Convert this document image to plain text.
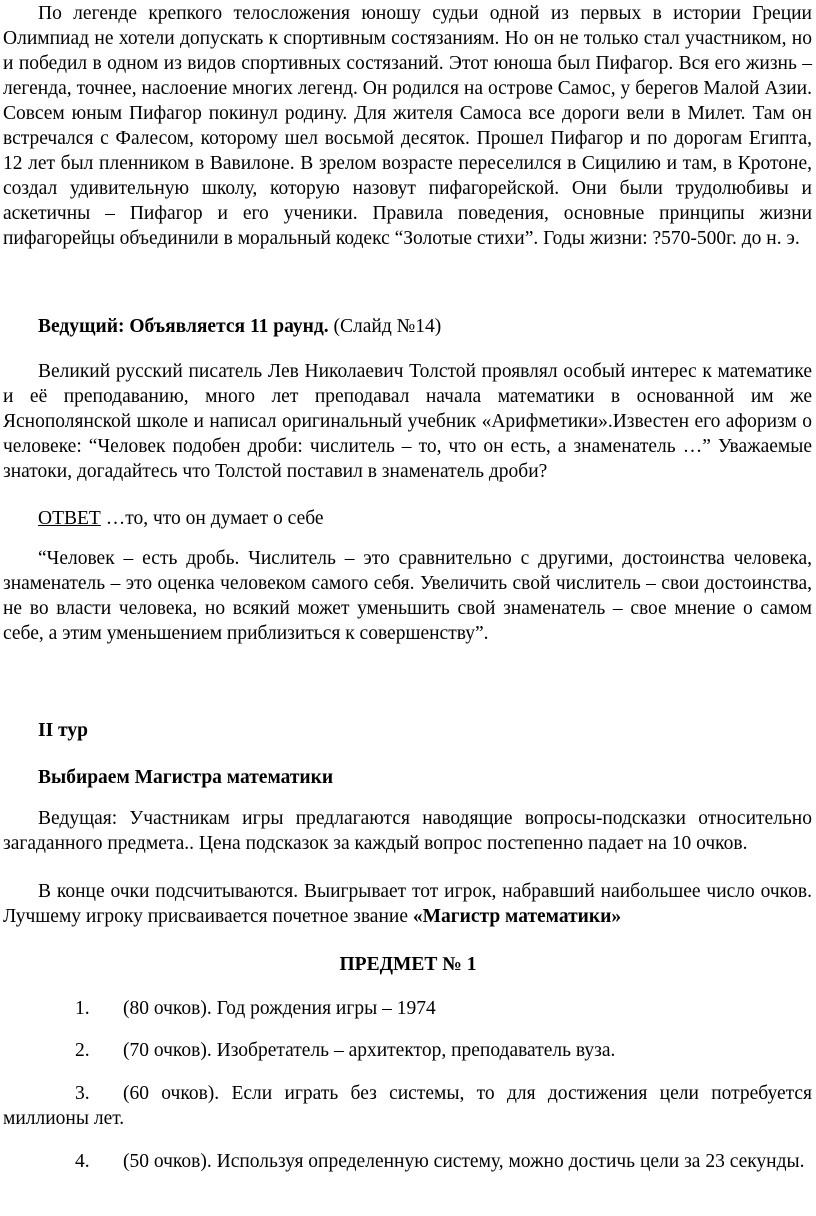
По легенде крепкого телосложения юношу судьи одной из первых в истории Греции Олимпиад не хотели допускать к спортивным состязаниям. Но он не только стал участником, но и победил в одном из видов спортивных состязаний. Этот юноша был Пифагор. Вся его жизнь – легенда, точнее, наслоение многих легенд. Он родился на острове Самос, у берегов Малой Азии. Совсем юным Пифагор покинул родину. Для жителя Самоса все дороги вели в Милет. Там он встречался с Фалесом, которому шел восьмой десяток. Прошел Пифагор и по дорогам Египта, 12 лет был пленником в Вавилоне. В зрелом возрасте переселился в Сицилию и там, в Кротоне, создал удивительную школу, которую назовут пифагорейской. Они были трудолюбивы и аскетичны – Пифагор и его ученики. Правила поведения, основные принципы жизни пифагорейцы объединили в моральный кодекс “Золотые стихи”. Годы жизни: ?570-500г. до н. э.

Ведущий: Объявляется 11 раунд. (Слайд №14)

Великий русский писатель Лев Николаевич Толстой проявлял особый интерес к математике и её преподаванию, много лет преподавал начала математики в основанной им же Яснополянской школе и написал оригинальный учебник «Арифметики».Известен его афоризм о человеке: “Человек подобен дроби: числитель – то, что он есть, а знаменатель …” Уважаемые знатоки, догадайтесь что Толстой поставил в знаменатель дроби?

ОТВЕТ …то, что он думает о себе

“Человек – есть дробь. Числитель – это сравнительно с другими, достоинства человека, знаменатель – это оценка человеком самого себя. Увеличить свой числитель – свои достоинства, не во власти человека, но всякий может уменьшить свой знаменатель – свое мнение о самом себе, а этим уменьшением приблизиться к совершенству”.

II тур
Выбираем Магистра математики

Ведущая: Участникам игры предлагаются наводящие вопросы-подсказки относительно загаданного предмета.. Цена подсказок за каждый вопрос постепенно падает на 10 очков.

В конце очки подсчитываются. Выигрывает тот игрок, набравший наибольшее число очков. Лучшему игроку присваивается почетное звание «Магистр математики»

ПРЕДМЕТ № 1

1. (80 очков). Год рождения игры – 1974

2. (70 очков). Изобретатель – архитектор, преподаватель вуза.

3. (60 очков). Если играть без системы, то для достижения цели потребуется миллионы лет.

4. (50 очков). Используя определенную систему, можно достичь цели за 23 секунды.
